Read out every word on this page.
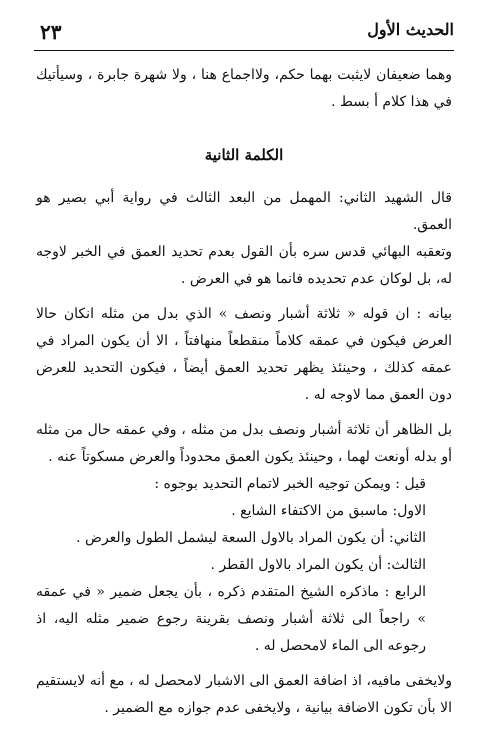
٢٣	الحديث الأول

وهما ضعيفان لايثبت بهما حكم، ولااجماع هنا ، ولا شهرة جابرة ، وسيأتيك في هذا كلام أ بسط .

الكلمة الثانية

قال الشهيد الثاني: المهمل من البعد الثالث في رواية أبي بصير هو العمق.

وتعقبه البهائي قدس سره بأن القول بعدم تحديد العمق في الخبر لاوجه له، بل لوكان عدم تحديده فانما هو في العرض .

بيانه : ان قوله « ثلاثة أشبار ونصف » الذي بدل من مثله انكان حالا العرض فيكون في عمقه كلاماً منقطعاً منهافتاً ، الا أن يكون المراد في عمقه كذلك ، وحينئذ يظهر تحديد العمق أيضاً ، فيكون التحديد للعرض دون العمق مما لاوجه له .

بل الظاهر أن ثلاثة أشبار ونصف بدل من مثله ، وفي عمقه حال من مثله أو بدله أونعت لهما ، وحينئذ يكون العمق محدوداً والعرض مسكوتاً عنه .

قيل : ويمكن توجيه الخبر لاتمام التحديد بوجوه :

الاول: ماسبق من الاكتفاء الشايع .

الثاني: أن يكون المراد بالاول السعة ليشمل الطول والعرض .

الثالث: أن يكون المراد بالاول القطر .

الرابع : ماذكره الشيخ المتقدم ذكره ، بأن يجعل ضمير « في عمقه » راجعاً الى ثلاثة أشبار ونصف بقرينة رجوع ضمير مثله اليه، اذ رجوعه الى الماء لامحصل له .

ولايخفى مافيه، اذ اضافة العمق الى الاشبار لامحصل له ، مع أنه لايستقيم الا بأن تكون الاضافة بيانية ، ولايخفى عدم جوازه مع الضمير .
